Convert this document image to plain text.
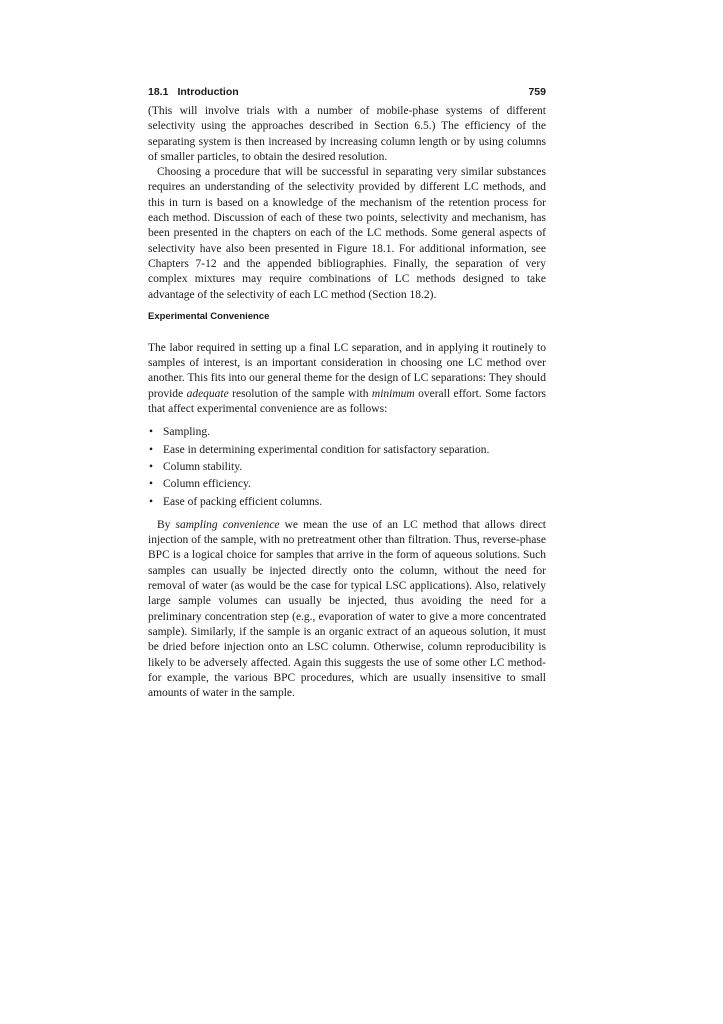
18.1 Introduction	759

(This will involve trials with a number of mobile-phase systems of different selectivity using the approaches described in Section 6.5.) The efficiency of the separating system is then increased by increasing column length or by using columns of smaller particles, to obtain the desired resolution.

Choosing a procedure that will be successful in separating very similar substances requires an understanding of the selectivity provided by different LC methods, and this in turn is based on a knowledge of the mechanism of the retention process for each method. Discussion of each of these two points, selectivity and mechanism, has been presented in the chapters on each of the LC methods. Some general aspects of selectivity have also been presented in Figure 18.1. For additional information, see Chapters 7-12 and the appended bibliographies. Finally, the separation of very complex mixtures may require combinations of LC methods designed to take advantage of the selectivity of each LC method (Section 18.2).

Experimental Convenience

The labor required in setting up a final LC separation, and in applying it routinely to samples of interest, is an important consideration in choosing one LC method over another. This fits into our general theme for the design of LC separations: They should provide adequate resolution of the sample with minimum overall effort. Some factors that affect experimental convenience are as follows:

• Sampling.
• Ease in determining experimental condition for satisfactory separation.
• Column stability.
• Column efficiency.
• Ease of packing efficient columns.

By sampling convenience we mean the use of an LC method that allows direct injection of the sample, with no pretreatment other than filtration. Thus, reverse-phase BPC is a logical choice for samples that arrive in the form of aqueous solutions. Such samples can usually be injected directly onto the column, without the need for removal of water (as would be the case for typical LSC applications). Also, relatively large sample volumes can usually be injected, thus avoiding the need for a preliminary concentration step (e.g., evaporation of water to give a more concentrated sample). Similarly, if the sample is an organic extract of an aqueous solution, it must be dried before injection onto an LSC column. Otherwise, column reproducibility is likely to be adversely affected. Again this suggests the use of some other LC method- for example, the various BPC procedures, which are usually insensitive to small amounts of water in the sample.
